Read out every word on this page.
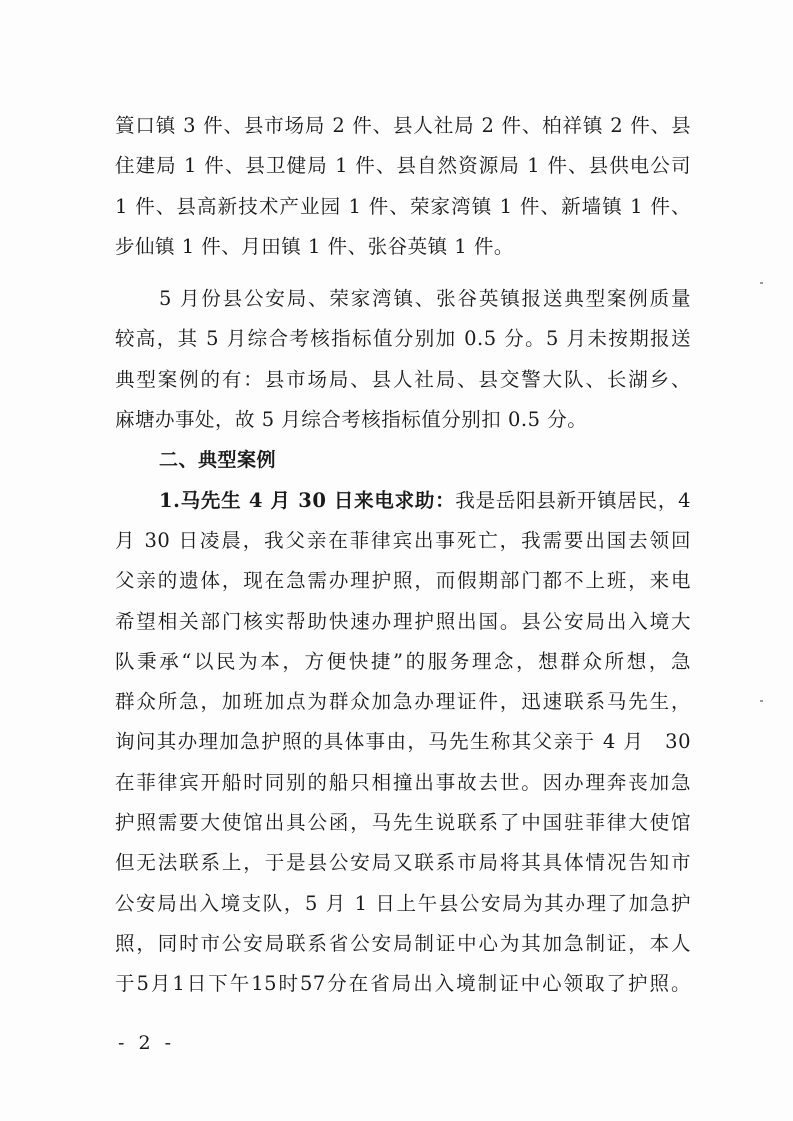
篢口镇 3 件、县市场局 2 件、县人社局 2 件、柏祥镇 2 件、县
住建局 1 件、县卫健局 1 件、县自然资源局 1 件、县供电公司
1 件、县高新技术产业园 1 件、荣家湾镇 1 件、新墙镇 1 件、
步仙镇 1 件、月田镇 1 件、张谷英镇 1 件。
5 月份县公安局、荣家湾镇、张谷英镇报送典型案例质量
较高，其 5 月综合考核指标值分别加 0.5 分。5 月未按期报送
典型案例的有：县市场局、县人社局、县交警大队、长湖乡、
麻塘办事处，故 5 月综合考核指标值分别扣 0.5 分。
二、典型案例
1.马先生 4 月 30 日来电求助：我是岳阳县新开镇居民，4
月 30 日凌晨，我父亲在菲律宾出事死亡，我需要出国去领回
父亲的遗体，现在急需办理护照，而假期部门都不上班，来电
希望相关部门核实帮助快速办理护照出国。县公安局出入境大
队秉承“以民为本，方便快捷”的服务理念，想群众所想，急
群众所急，加班加点为群众加急办理证件，迅速联系马先生，
询问其办理加急护照的具体事由，马先生称其父亲于 4 月　30
在菲律宾开船时同别的船只相撞出事故去世。因办理奔丧加急
护照需要大使馆出具公函，马先生说联系了中国驻菲律大使馆
但无法联系上，于是县公安局又联系市局将其具体情况告知市
公安局出入境支队，5 月 1 日上午县公安局为其办理了加急护
照，同时市公安局联系省公安局制证中心为其加急制证，本人
于5月1日下午15时57分在省局出入境制证中心领取了护照。
- 2 -
